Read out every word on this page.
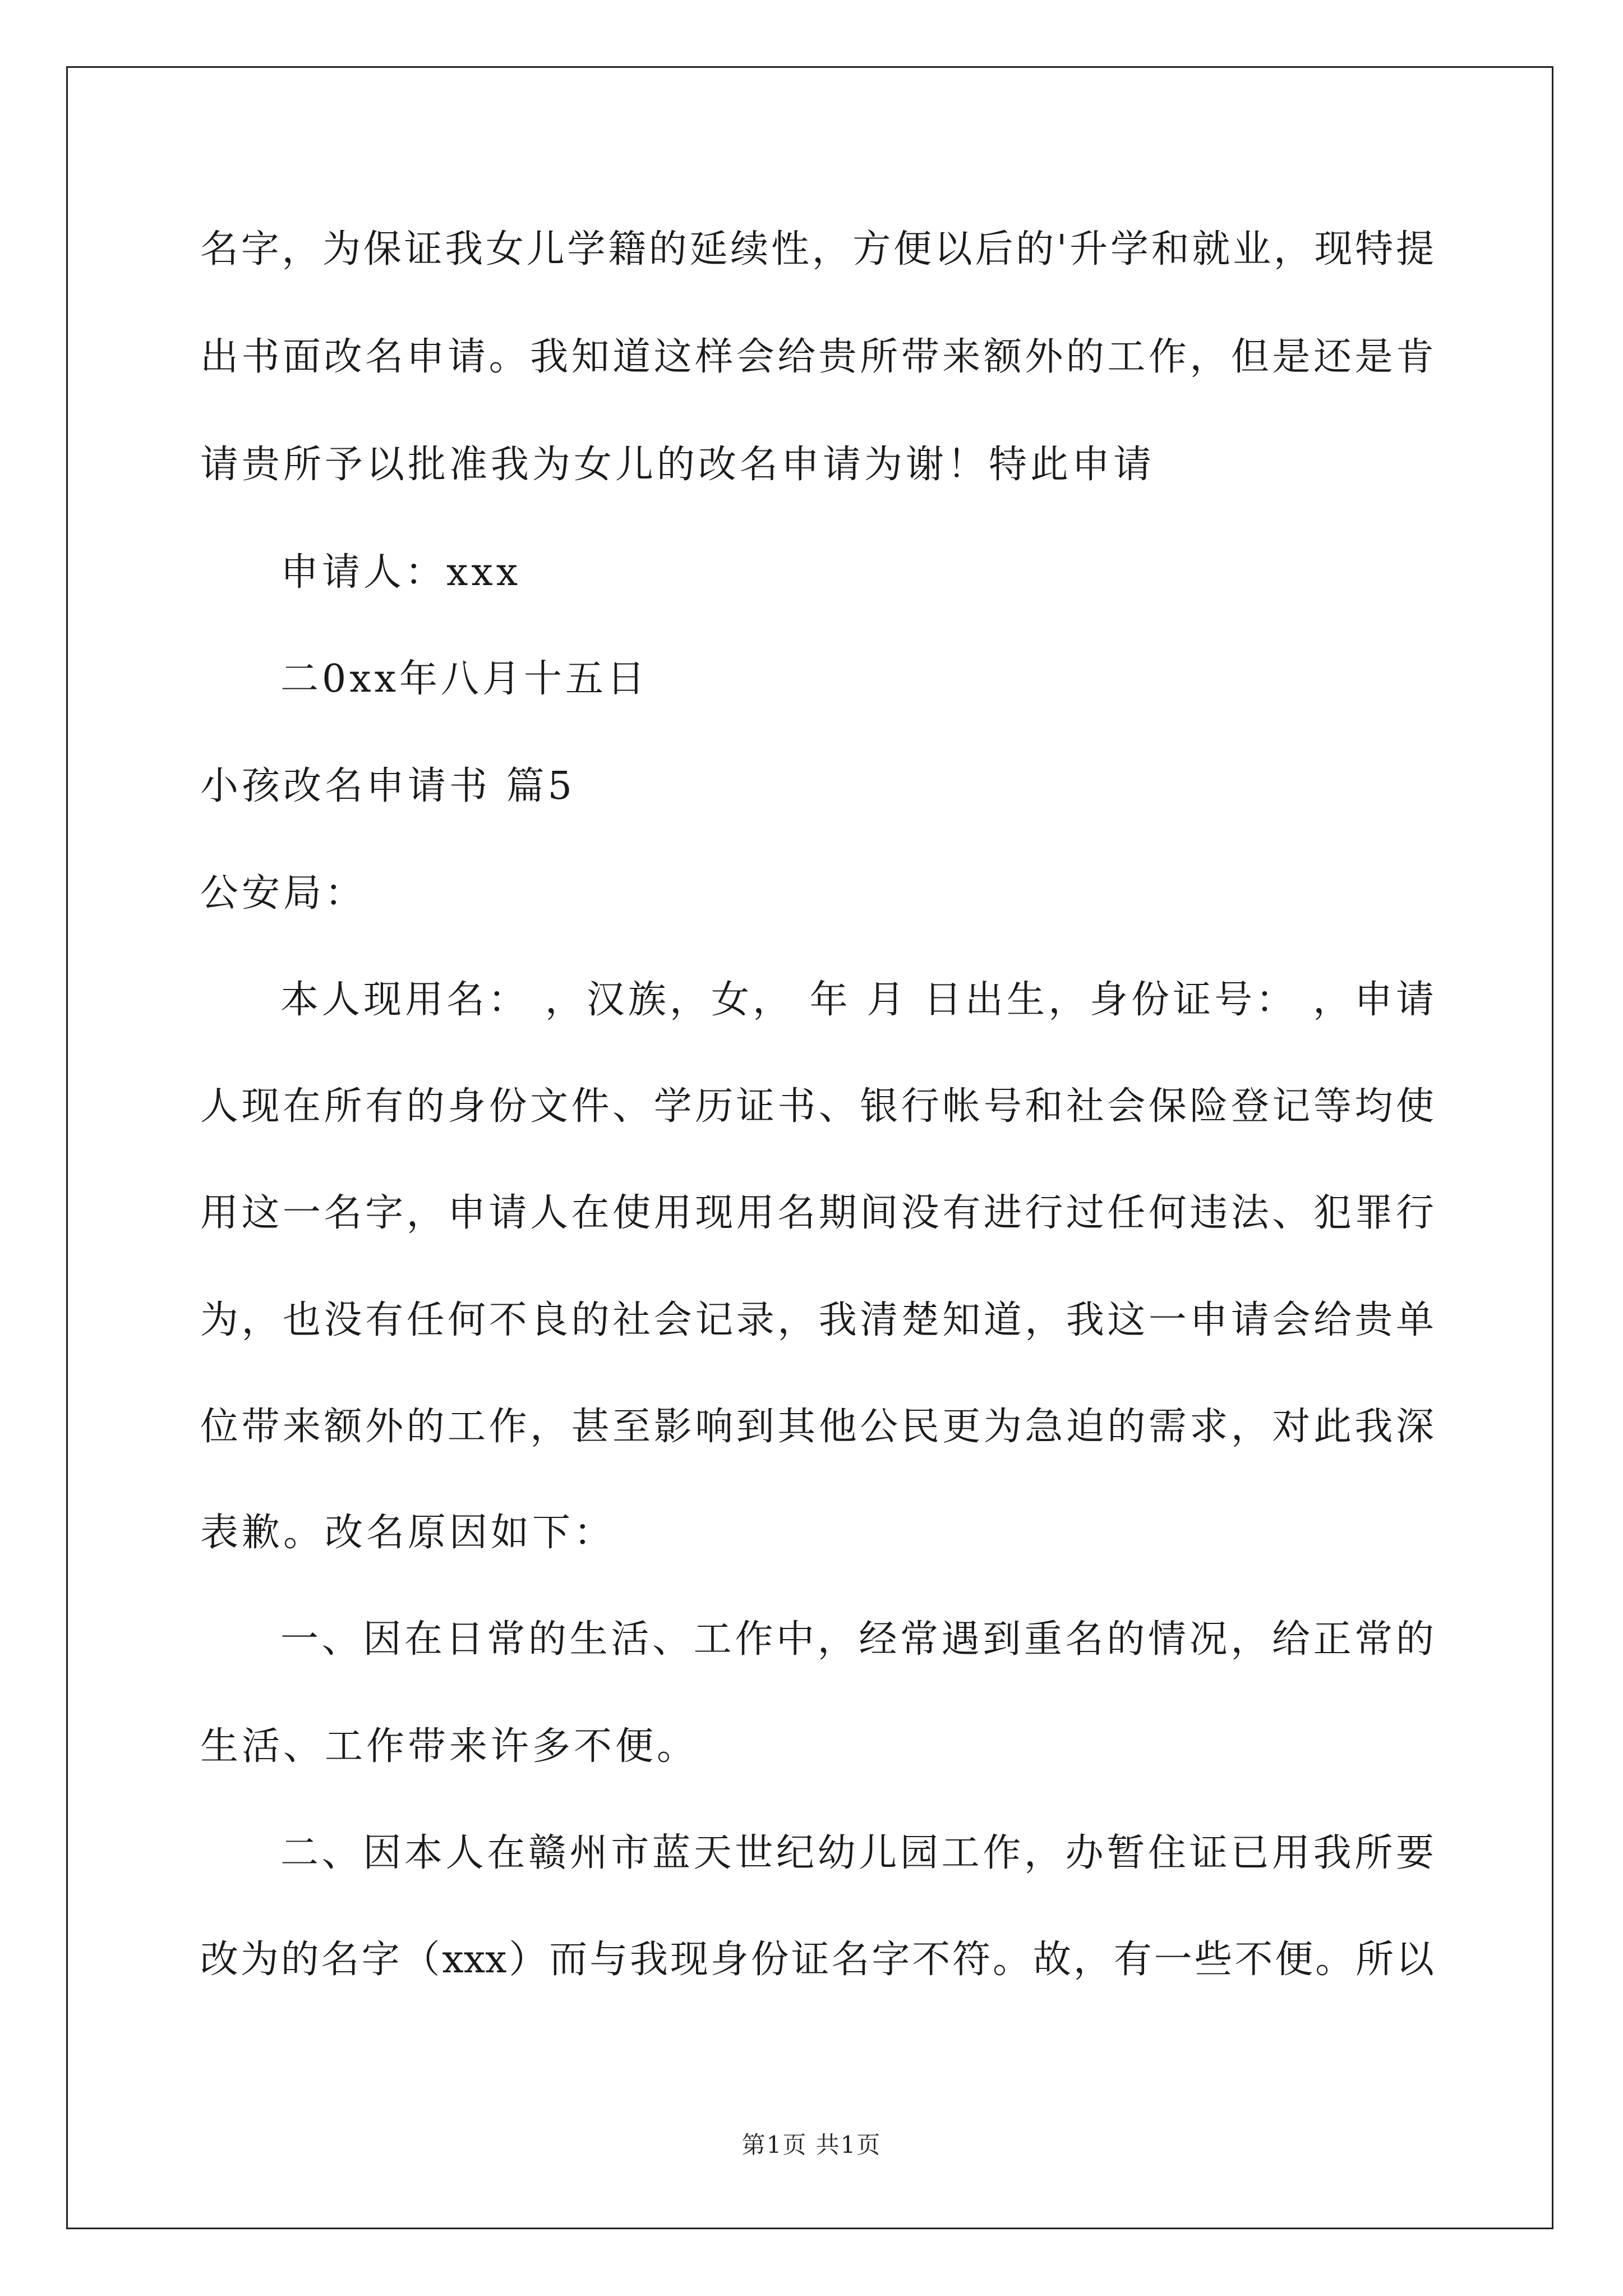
名字，为保证我女儿学籍的延续性，方便以后的'升学和就业，现特提
出书面改名申请。我知道这样会给贵所带来额外的工作，但是还是肯
请贵所予以批准我为女儿的改名申请为谢！特此申请
申请人：xxx
二0xx年八月十五日
小孩改名申请书 篇5
公安局：
本人现用名： ，汉族，女， 年 月 日出生，身份证号： ，申请
人现在所有的身份文件、学历证书、银行帐号和社会保险登记等均使
用这一名字，申请人在使用现用名期间没有进行过任何违法、犯罪行
为，也没有任何不良的社会记录，我清楚知道，我这一申请会给贵单
位带来额外的工作，甚至影响到其他公民更为急迫的需求，对此我深
表歉。改名原因如下：
一、因在日常的生活、工作中，经常遇到重名的情况，给正常的
生活、工作带来许多不便。
二、因本人在赣州市蓝天世纪幼儿园工作，办暂住证已用我所要
改为的名字（xxx）而与我现身份证名字不符。故，有一些不便。所以
第1页 共1页
